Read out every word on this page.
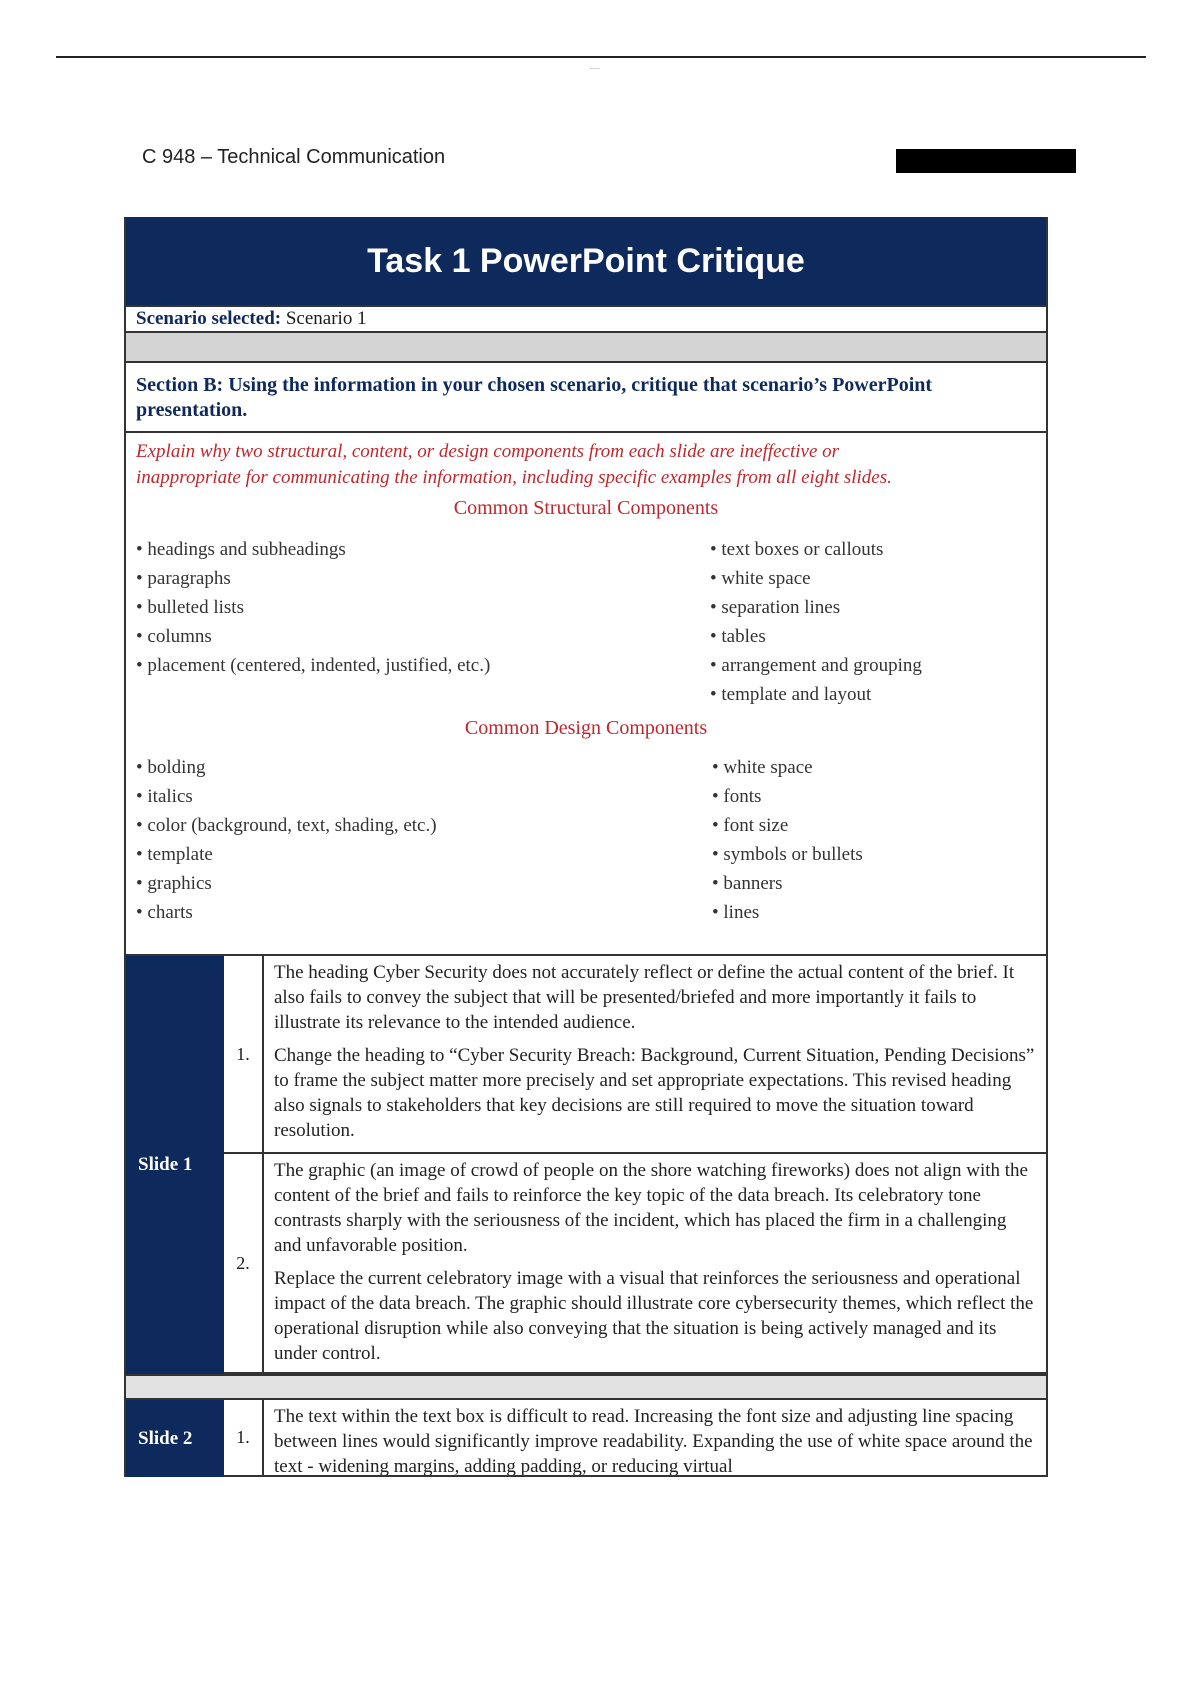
-----
C 948 – Technical Communication
Task 1 PowerPoint Critique
Scenario selected: Scenario 1
Section B: Using the information in your chosen scenario, critique that scenario’s PowerPoint presentation.
Explain why two structural, content, or design components from each slide are ineffective or
inappropriate for communicating the information, including specific examples from all eight slides.
Common Structural Components
• headings and subheadings
• paragraphs
• bulleted lists
• columns
• placement (centered, indented, justified, etc.)
• text boxes or callouts
• white space
• separation lines
• tables
• arrangement and grouping
• template and layout
Common Design Components
• bolding
• italics
• color (background, text, shading, etc.)
• template
• graphics
• charts
• white space
• fonts
• font size
• symbols or bullets
• banners
• lines
Slide 1
1.

The heading Cyber Security does not accurately reflect or define the actual content of the brief. It also fails to convey the subject that will be presented/briefed and more importantly it fails to illustrate its relevance to the intended audience.

Change the heading to “Cyber Security Breach: Background, Current Situation, Pending Decisions” to frame the subject matter more precisely and set appropriate expectations. This revised heading also signals to stakeholders that key decisions are still required to move the situation toward resolution.

2.

The graphic (an image of crowd of people on the shore watching fireworks) does not align with the content of the brief and fails to reinforce the key topic of the data breach. Its celebratory tone contrasts sharply with the seriousness of the incident, which has placed the firm in a challenging and unfavorable position.

Replace the current celebratory image with a visual that reinforces the seriousness and operational impact of the data breach. The graphic should illustrate core cybersecurity themes, which reflect the operational disruption while also conveying that the situation is being actively managed and its under control.

Slide 2	1.

The text within the text box is difficult to read. Increasing the font size and adjusting line spacing between lines would significantly improve readability. Expanding the use of white space around the text - widening margins, adding padding, or reducing virtual
